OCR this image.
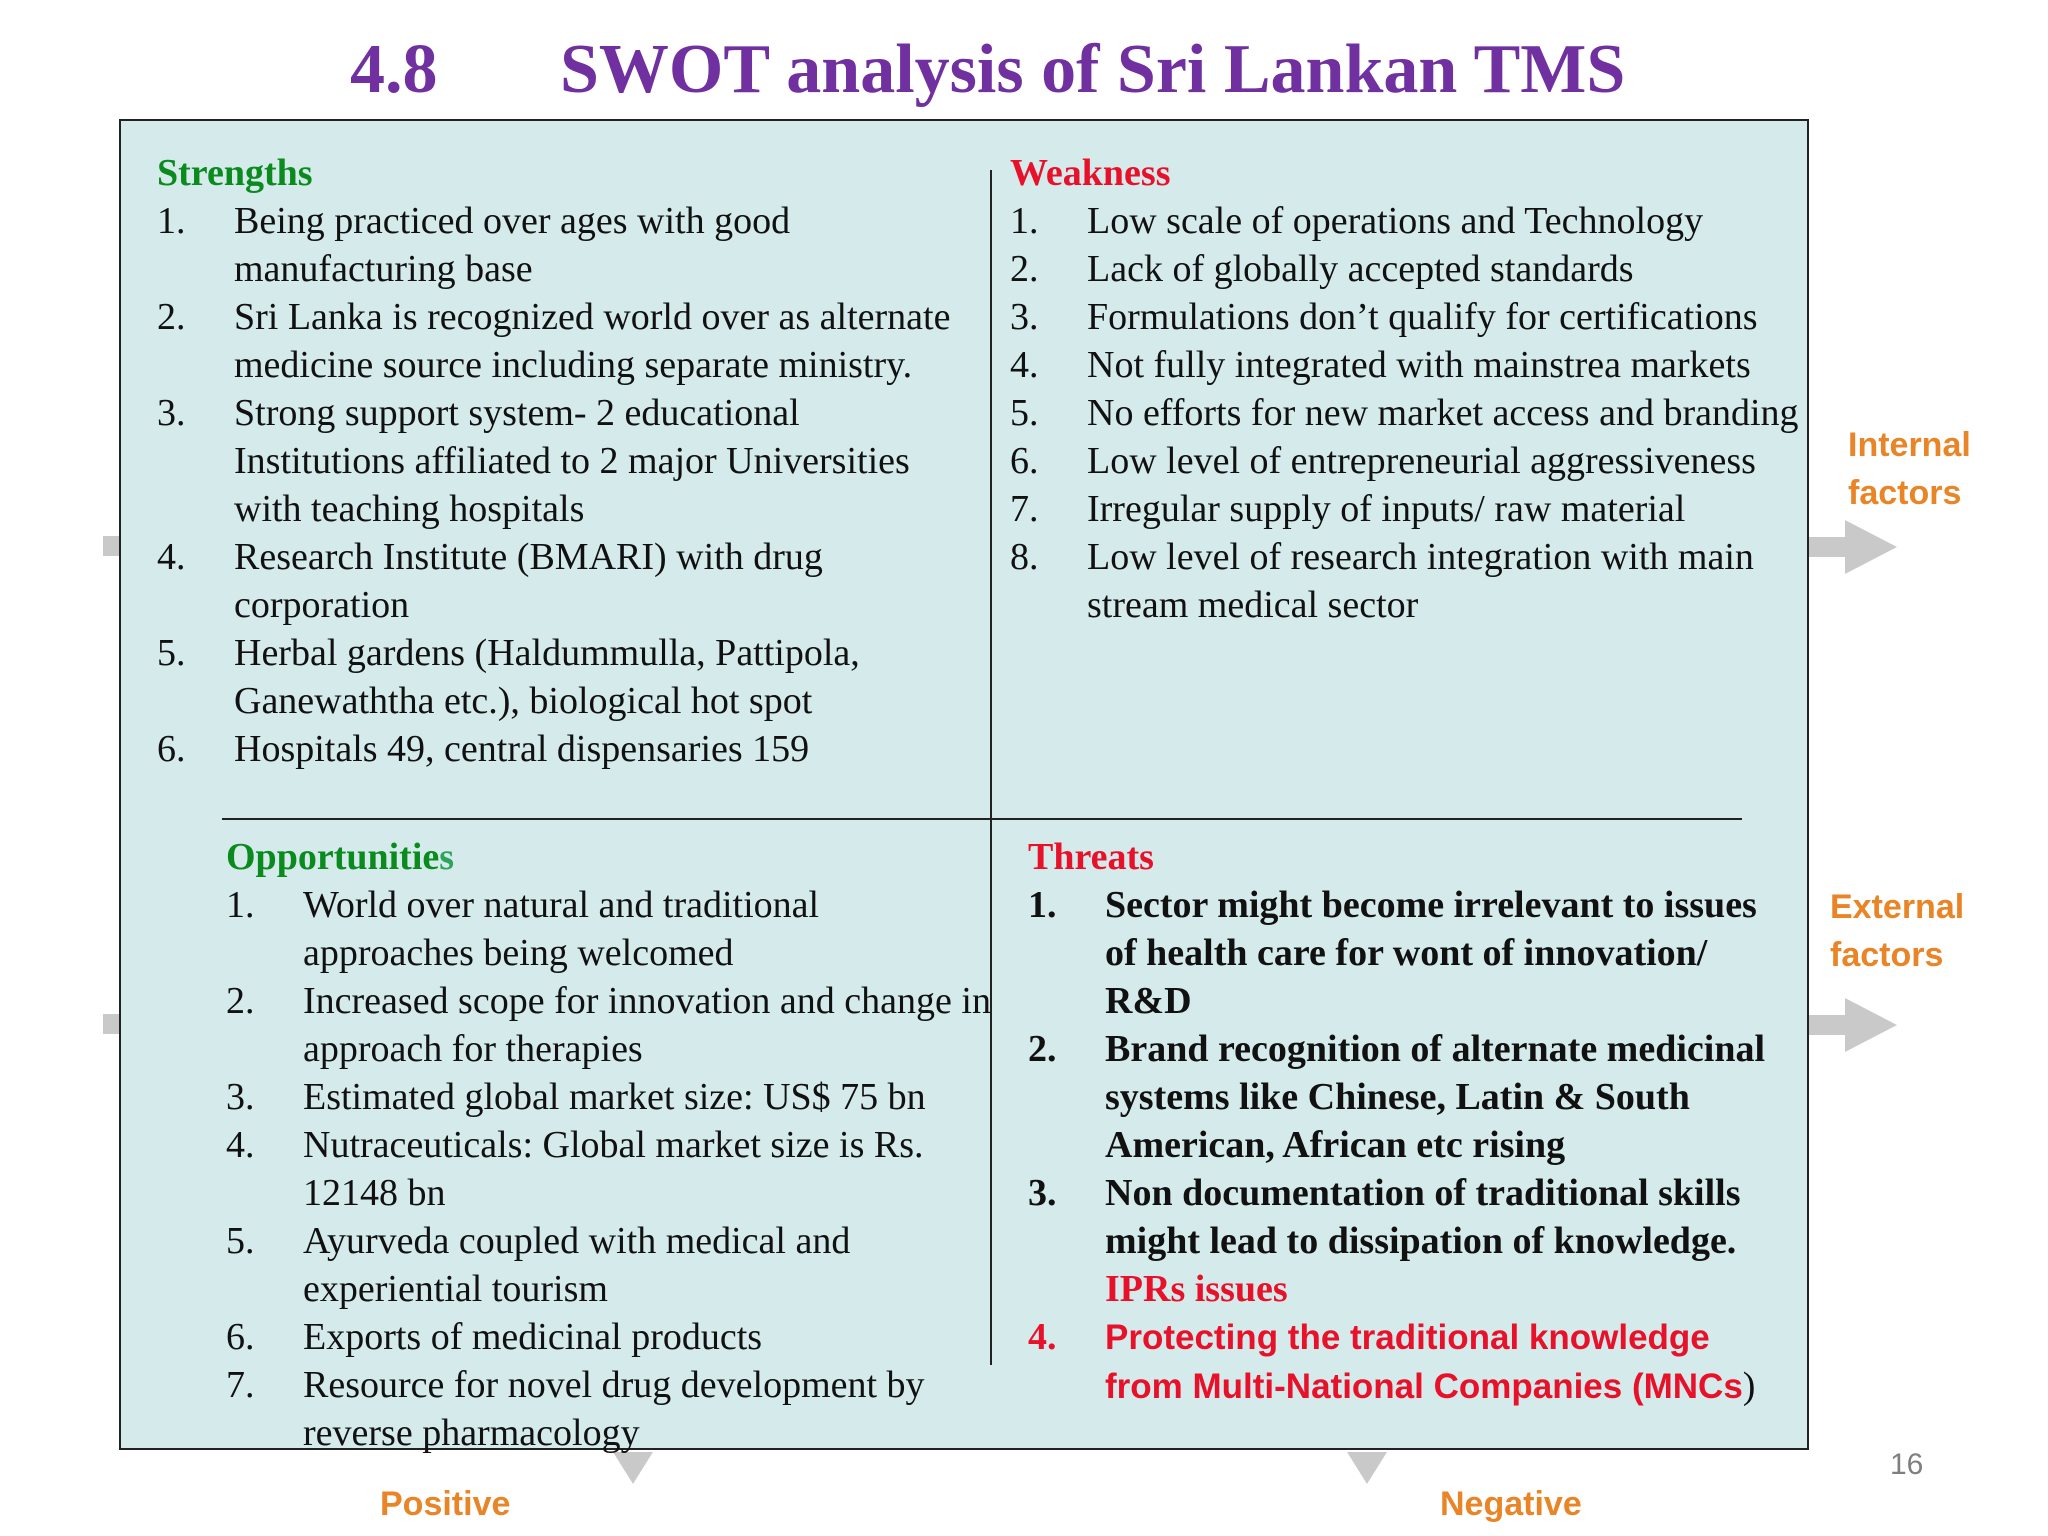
4.8 SWOT analysis of Sri Lankan TMS
Strengths
1.	Being practiced over ages with good manufacturing base
2.	Sri Lanka is recognized world over as alternate medicine source including separate ministry.
3.	Strong support system- 2 educational Institutions affiliated to 2 major Universities with teaching hospitals
4.	Research Institute (BMARI) with drug corporation
5.	Herbal gardens (Haldummulla, Pattipola, Ganewaththa etc.), biological hot spot
6.	Hospitals 49, central dispensaries 159
Weakness
1.	Low scale of operations and Technology
2.	Lack of globally accepted standards
3.	Formulations don’t qualify for certifications
4.	Not fully integrated with mainstrea markets
5.	No efforts for new market access and branding
6.	Low level of entrepreneurial aggressiveness
7.	Irregular supply of inputs/ raw material
8.	Low level of research integration with main stream medical sector
Opportunities
1.	World over natural and traditional approaches being welcomed
2.	Increased scope for innovation and change in approach for therapies
3.	Estimated global market size: US$ 75 bn
4.	Nutraceuticals: Global market size is Rs. 12148 bn
5.	Ayurveda coupled with medical and experiential tourism
6.	Exports of medicinal products
7.	Resource for novel drug development by reverse pharmacology
Threats
1.	Sector might become irrelevant to issues of health care for wont of innovation/ R&D
2.	Brand recognition of alternate medicinal systems like Chinese, Latin & South American, African etc rising
3.	Non documentation of traditional skills might lead to dissipation of knowledge.
IPRs issues
4.	Protecting the traditional knowledge from Multi-National Companies (MNCs)
Internal
factors
External
factors
Positive	Negative
16
